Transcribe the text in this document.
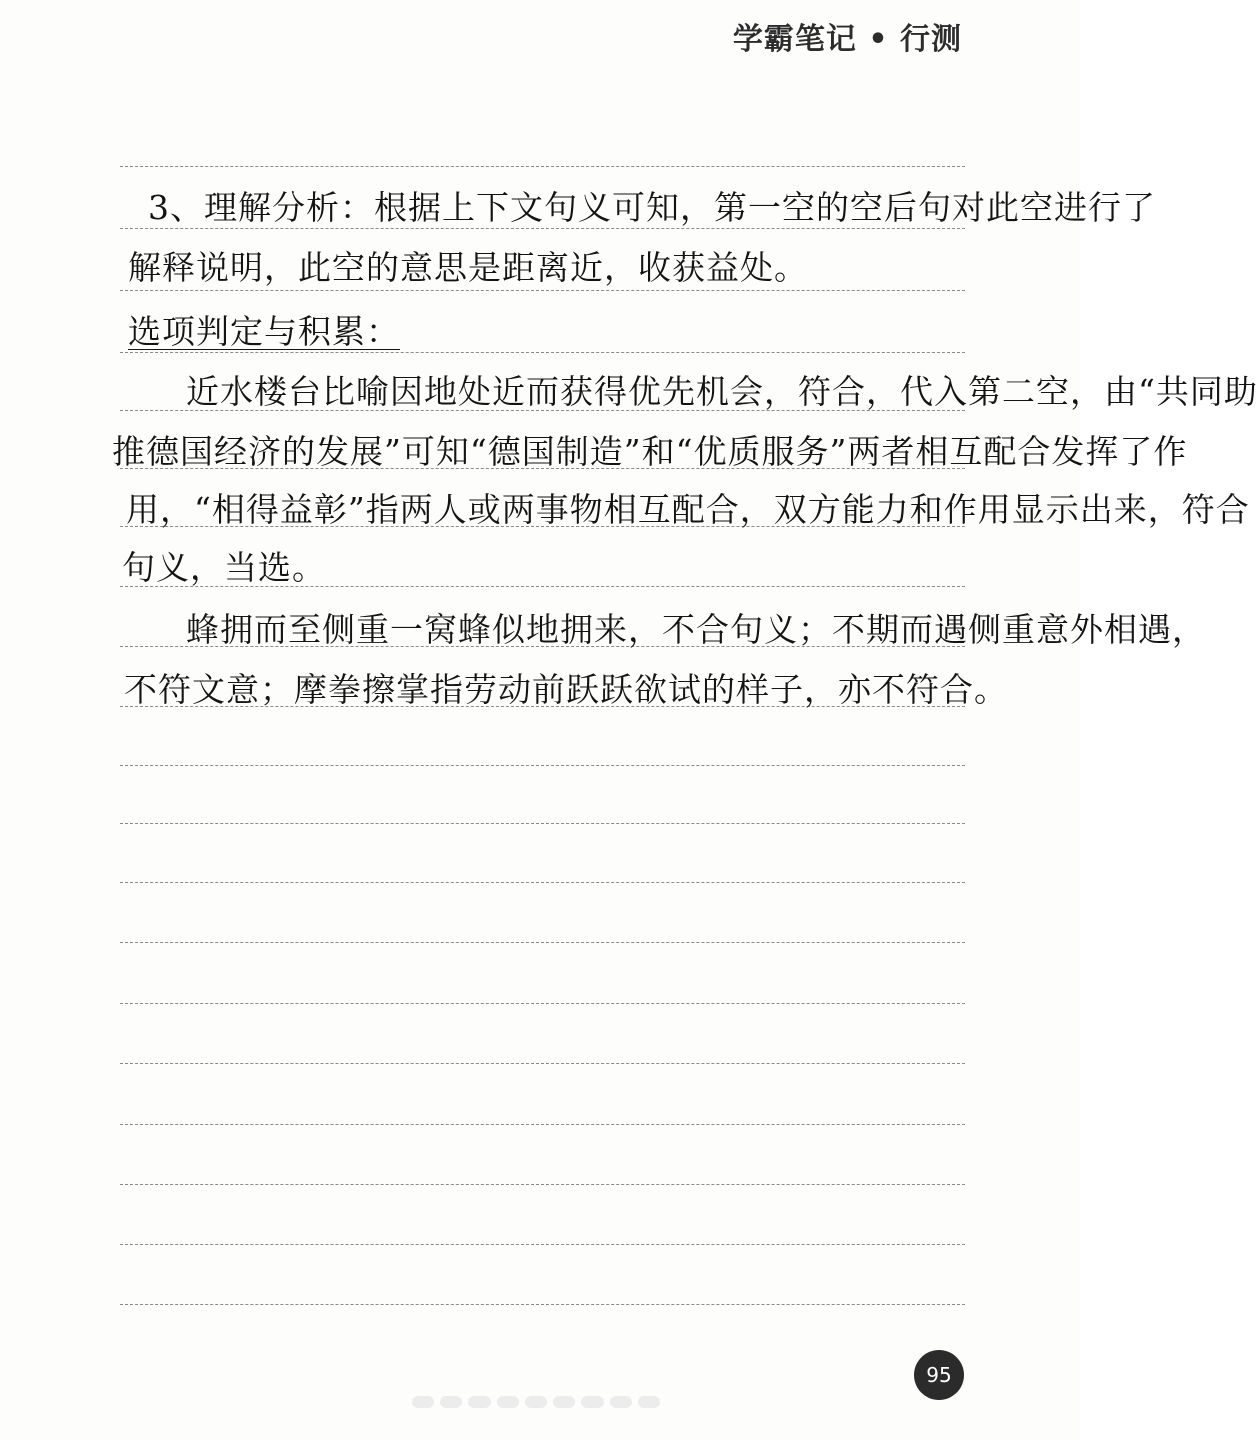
学霸笔记 • 行测
3、理解分析：根据上下文句义可知，第一空的空后句对此空进行了
解释说明，此空的意思是距离近，收获益处。
选项判定与积累：
近水楼台比喻因地处近而获得优先机会，符合，代入第二空，由“共同助
推德国经济的发展”可知“德国制造”和“优质服务”两者相互配合发挥了作
用，“相得益彰”指两人或两事物相互配合，双方能力和作用显示出来，符合
句义，当选。
蜂拥而至侧重一窝蜂似地拥来，不合句义；不期而遇侧重意外相遇，
不符文意；摩拳擦掌指劳动前跃跃欲试的样子，亦不符合。
95
